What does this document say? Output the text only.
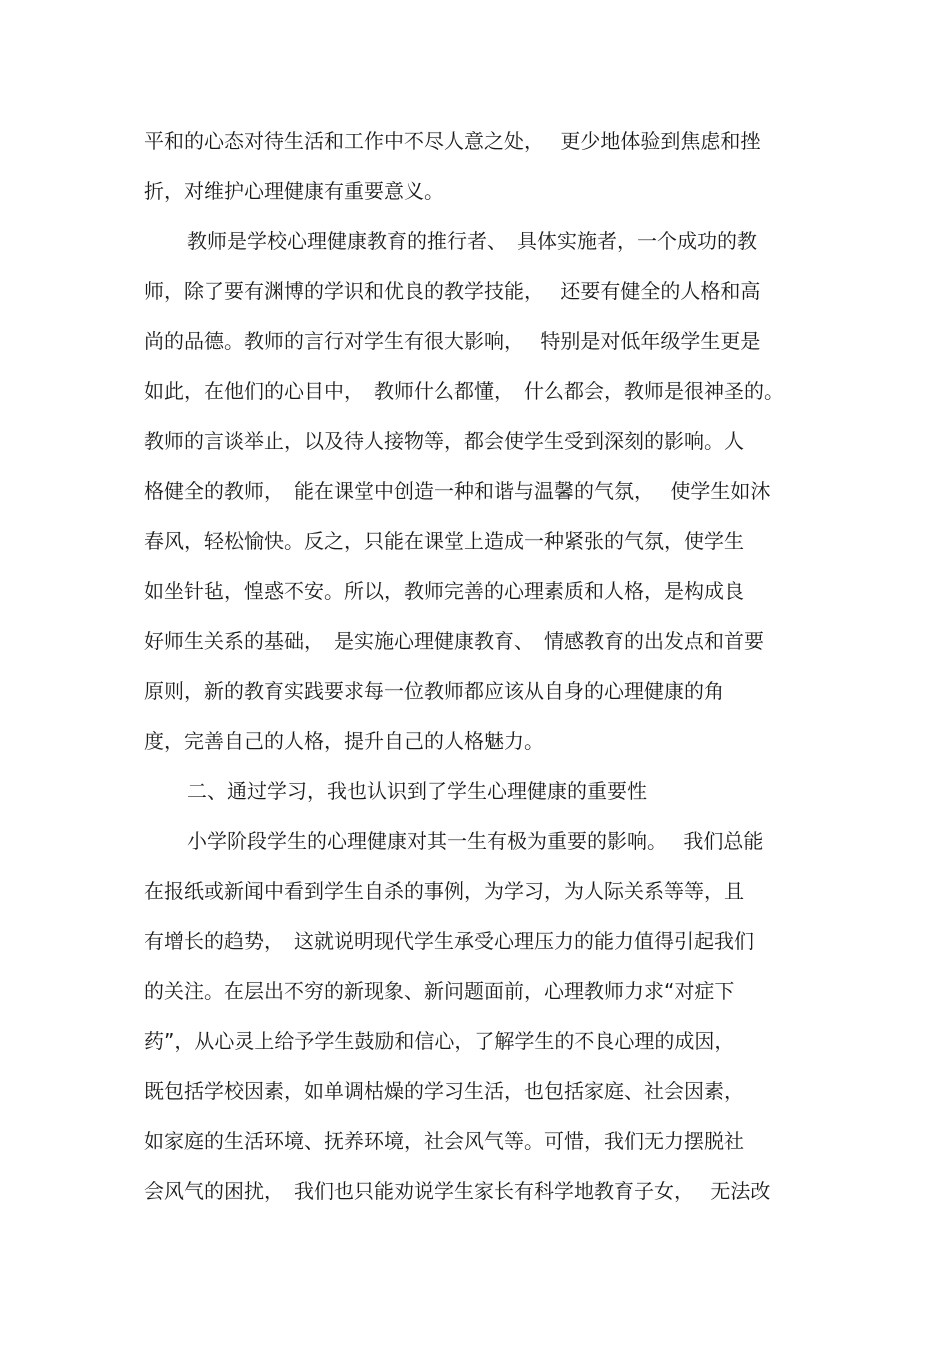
平和的心态对待生活和工作中不尽人意之处，　 更少地体验到焦虑和挫
折，对维护心理健康有重要意义。
教师是学校心理健康教育的推行者、　具体实施者，一个成功的教
师，除了要有渊博的学识和优良的教学技能，　 还要有健全的人格和高
尚的品德。教师的言行对学生有很大影响，　 特别是对低年级学生更是
如此，在他们的心目中，　教师什么都懂，　什么都会，教师是很神圣的。
教师的言谈举止，以及待人接物等，都会使学生受到深刻的影响。人
格健全的教师，　能在课堂中创造一种和谐与温馨的气氛，　 使学生如沐
春风，轻松愉快。反之，只能在课堂上造成一种紧张的气氛，使学生
如坐针毡，惶惑不安。所以，教师完善的心理素质和人格，是构成良
好师生关系的基础，　是实施心理健康教育、　情感教育的出发点和首要
原则，新的教育实践要求每一位教师都应该从自身的心理健康的角
度，完善自己的人格，提升自己的人格魅力。
二、通过学习，我也认识到了学生心理健康的重要性
小学阶段学生的心理健康对其一生有极为重要的影响。　 我们总能
在报纸或新闻中看到学生自杀的事例，为学习，为人际关系等等，且
有增长的趋势，　这就说明现代学生承受心理压力的能力值得引起我们
的关注。在层出不穷的新现象、新问题面前，心理教师力求“对症下
药”，从心灵上给予学生鼓励和信心，了解学生的不良心理的成因，
既包括学校因素，如单调枯燥的学习生活，也包括家庭、社会因素，
如家庭的生活环境、抚养环境，社会风气等。可惜，我们无力摆脱社
会风气的困扰，　我们也只能劝说学生家长有科学地教育子女，　 无法改
